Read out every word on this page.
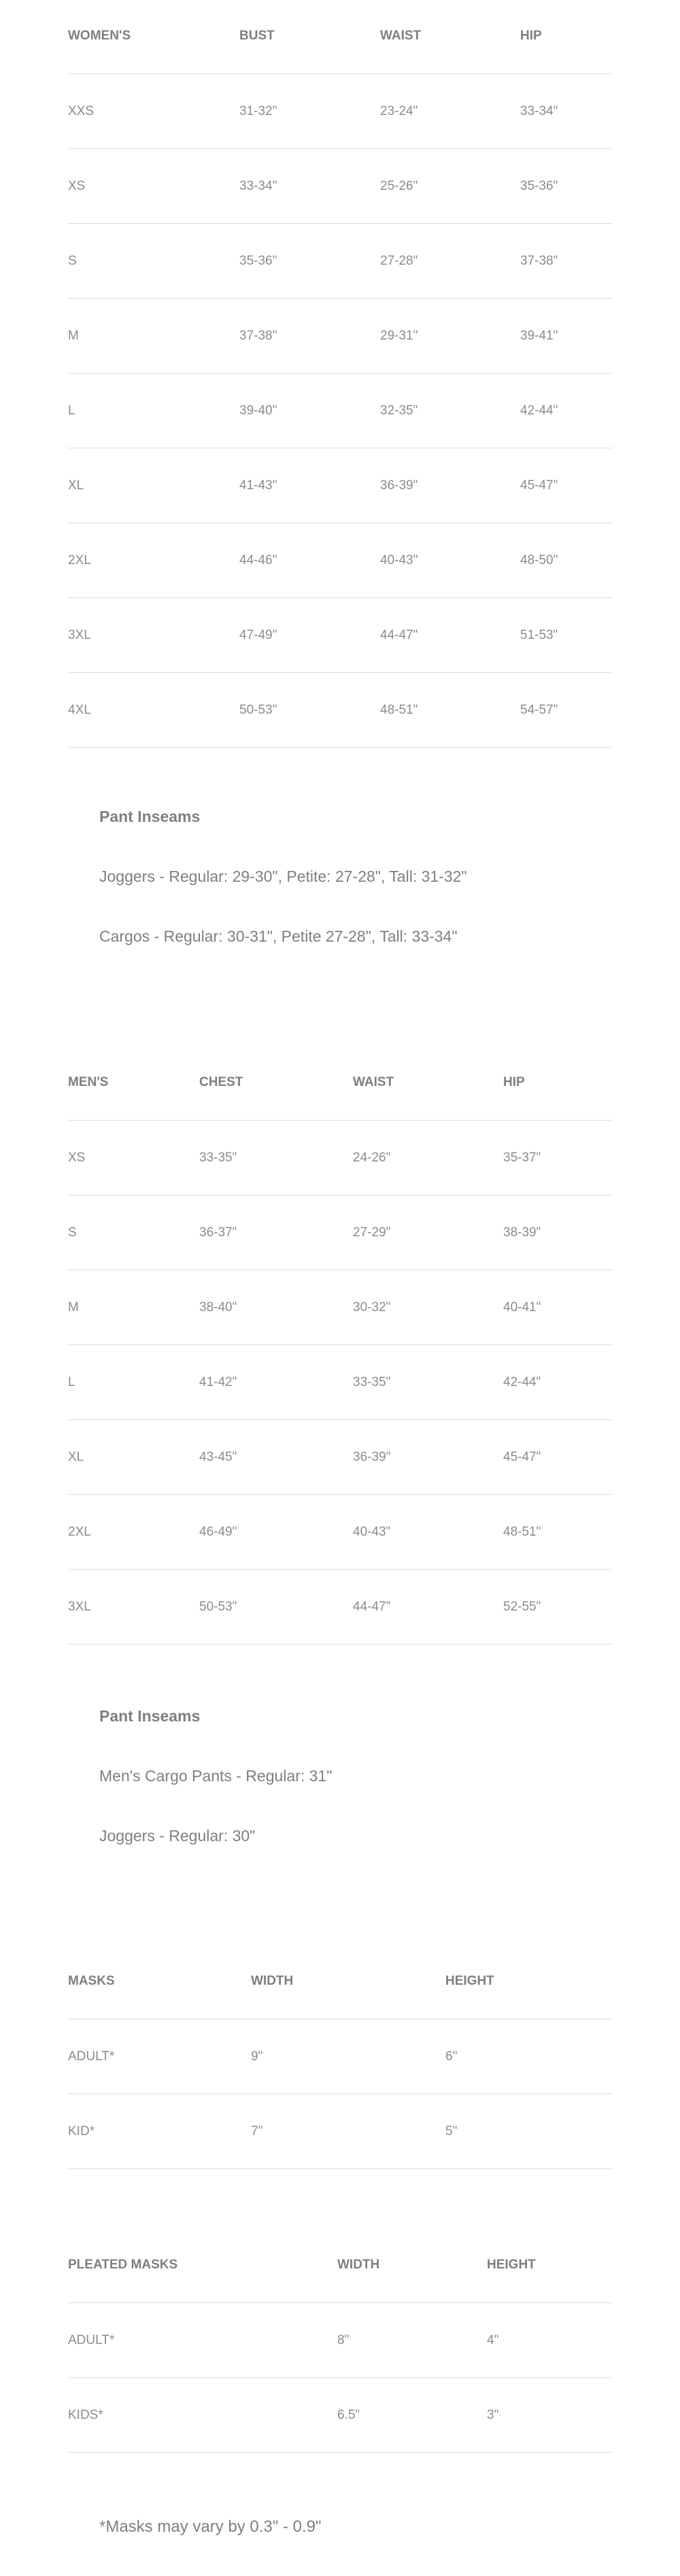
WOMEN'S	BUST	WAIST	HIP
XXS	31-32"	23-24"	33-34"
XS	33-34"	25-26"	35-36"
S	35-36"	27-28"	37-38"
M	37-38"	29-31"	39-41"
L	39-40"	32-35"	42-44"
XL	41-43"	36-39"	45-47"
2XL	44-46"	40-43"	48-50"
3XL	47-49"	44-47"	51-53"
4XL	50-53"	48-51"	54-57"

Pant Inseams

Joggers - Regular: 29-30", Petite: 27-28", Tall: 31-32"

Cargos - Regular: 30-31", Petite 27-28", Tall: 33-34"

MEN'S	CHEST	WAIST	HIP
XS	33-35"	24-26"	35-37"
S	36-37"	27-29"	38-39"
M	38-40"	30-32"	40-41"
L	41-42"	33-35"	42-44"
XL	43-45"	36-39"	45-47"
2XL	46-49"	40-43"	48-51"
3XL	50-53"	44-47"	52-55"

Pant Inseams

Men's Cargo Pants - Regular: 31"

Joggers - Regular: 30"

MASKS	WIDTH	HEIGHT
ADULT*	9"	6"
KID*	7"	5"
PLEATED MASKS	WIDTH	HEIGHT
ADULT*	8"	4"
KIDS*	6.5"	3"
*Masks may vary by 0.3" - 0.9"
